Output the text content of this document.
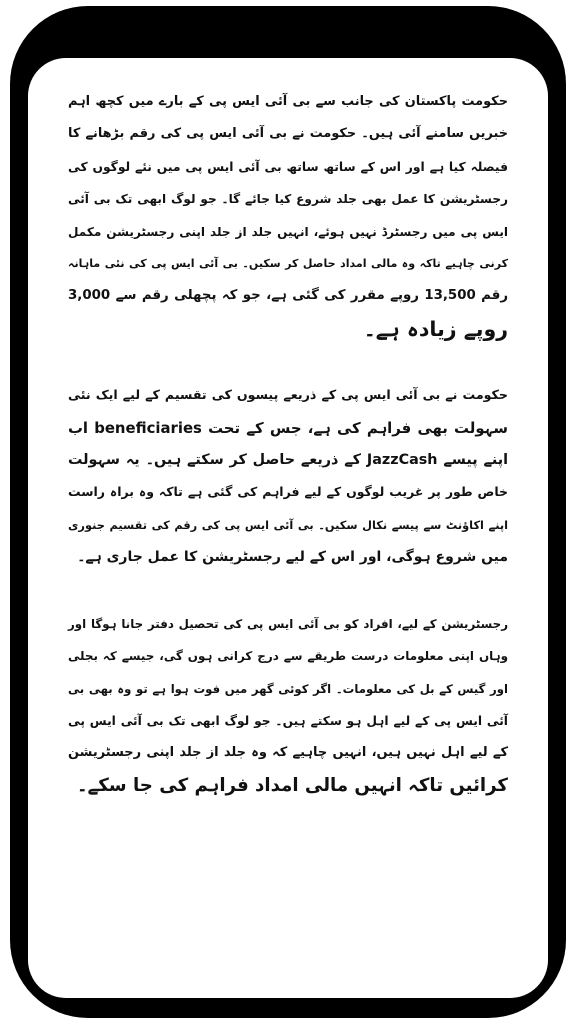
حکومت پاکستان کی جانب سے بی آئی ایس پی کے بارے میں کچھ اہم
خبریں سامنے آئی ہیں۔ حکومت نے بی آئی ایس پی کی رقم بڑھانے کا
فیصلہ کیا ہے اور اس کے ساتھ ساتھ بی آئی ایس پی میں نئے لوگوں کی
رجسٹریشن کا عمل بھی جلد شروع کیا جائے گا۔ جو لوگ ابھی تک بی آئی
ایس پی میں رجسٹرڈ نہیں ہوئے، انہیں جلد از جلد اپنی رجسٹریشن مکمل
کرنی چاہیے تاکہ وہ مالی امداد حاصل کر سکیں۔ بی آئی ایس پی کی نئی ماہانہ
رقم 13,500 روپے مقرر کی گئی ہے، جو کہ پچھلی رقم سے 3,000
روپے زیادہ ہے۔

حکومت نے بی آئی ایس پی کے ذریعے پیسوں کی تقسیم کے لیے ایک نئی
سہولت بھی فراہم کی ہے، جس کے تحت beneficiaries اب
اپنے پیسے JazzCash کے ذریعے حاصل کر سکتے ہیں۔ یہ سہولت
خاص طور پر غریب لوگوں کے لیے فراہم کی گئی ہے تاکہ وہ براہ راست
اپنے اکاؤنٹ سے پیسے نکال سکیں۔ بی آئی ایس پی کی رقم کی تقسیم جنوری
میں شروع ہوگی، اور اس کے لیے رجسٹریشن کا عمل جاری ہے۔

رجسٹریشن کے لیے، افراد کو بی آئی ایس پی کی تحصیل دفتر جانا ہوگا اور
وہاں اپنی معلومات درست طریقے سے درج کرانی ہوں گی، جیسے کہ بجلی
اور گیس کے بل کی معلومات۔ اگر کوئی گھر میں فوت ہوا ہے تو وہ بھی بی
آئی ایس پی کے لیے اہل ہو سکتے ہیں۔ جو لوگ ابھی تک بی آئی ایس پی
کے لیے اہل نہیں ہیں، انہیں چاہیے کہ وہ جلد از جلد اپنی رجسٹریشن
کرائیں تاکہ انہیں مالی امداد فراہم کی جا سکے۔
